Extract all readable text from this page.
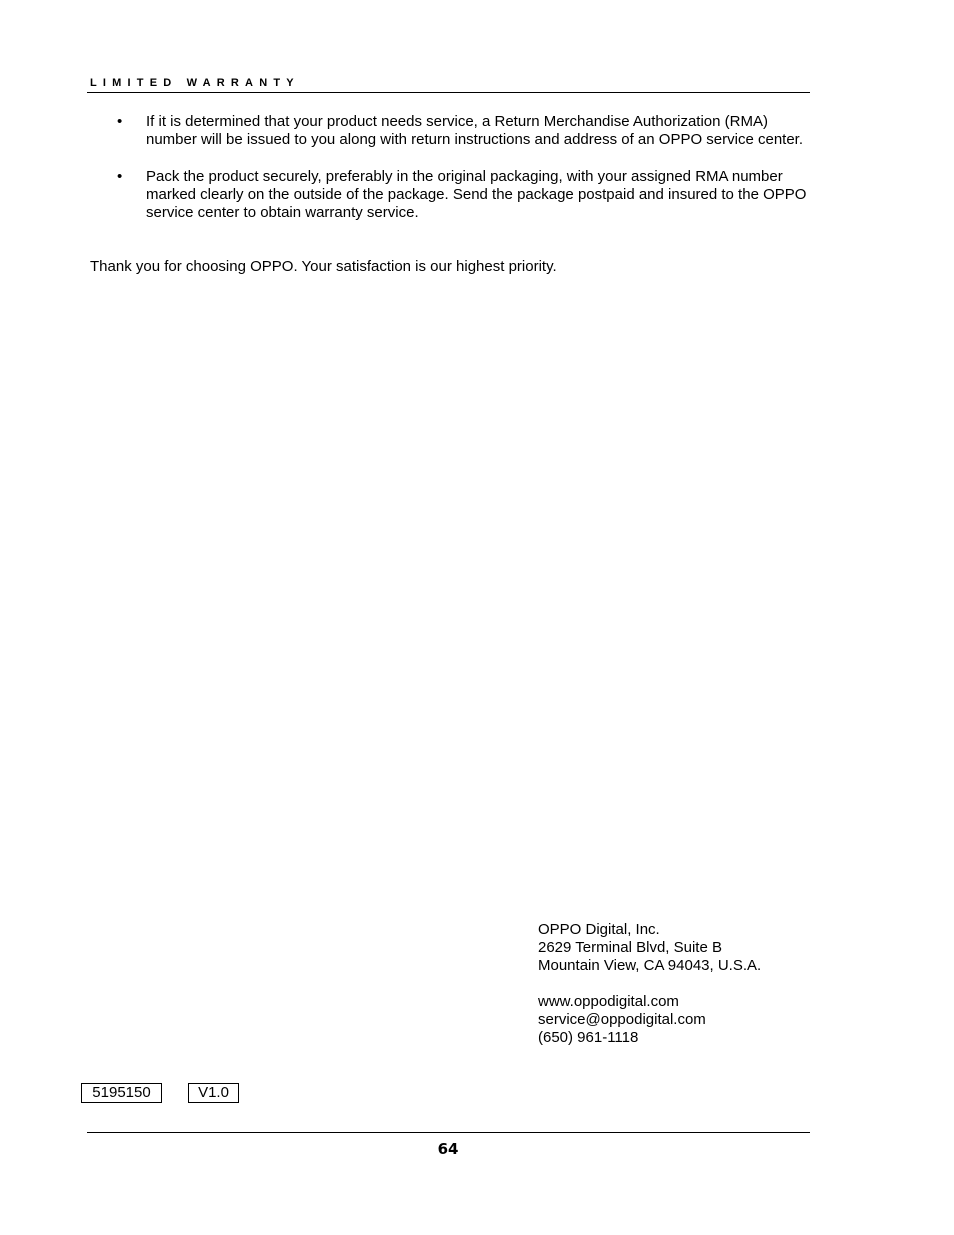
LIMITED WARRANTY
• If it is determined that your product needs service, a Return Merchandise Authorization (RMA) number will be issued to you along with return instructions and address of an OPPO service center.
• Pack the product securely, preferably in the original packaging, with your assigned RMA number marked clearly on the outside of the package. Send the package postpaid and insured to the OPPO service center to obtain warranty service.
Thank you for choosing OPPO. Your satisfaction is our highest priority.
OPPO Digital, Inc.
2629 Terminal Blvd, Suite B
Mountain View, CA 94043, U.S.A.
www.oppodigital.com
service@oppodigital.com
(650) 961-1118
5195150	V1.0
64
